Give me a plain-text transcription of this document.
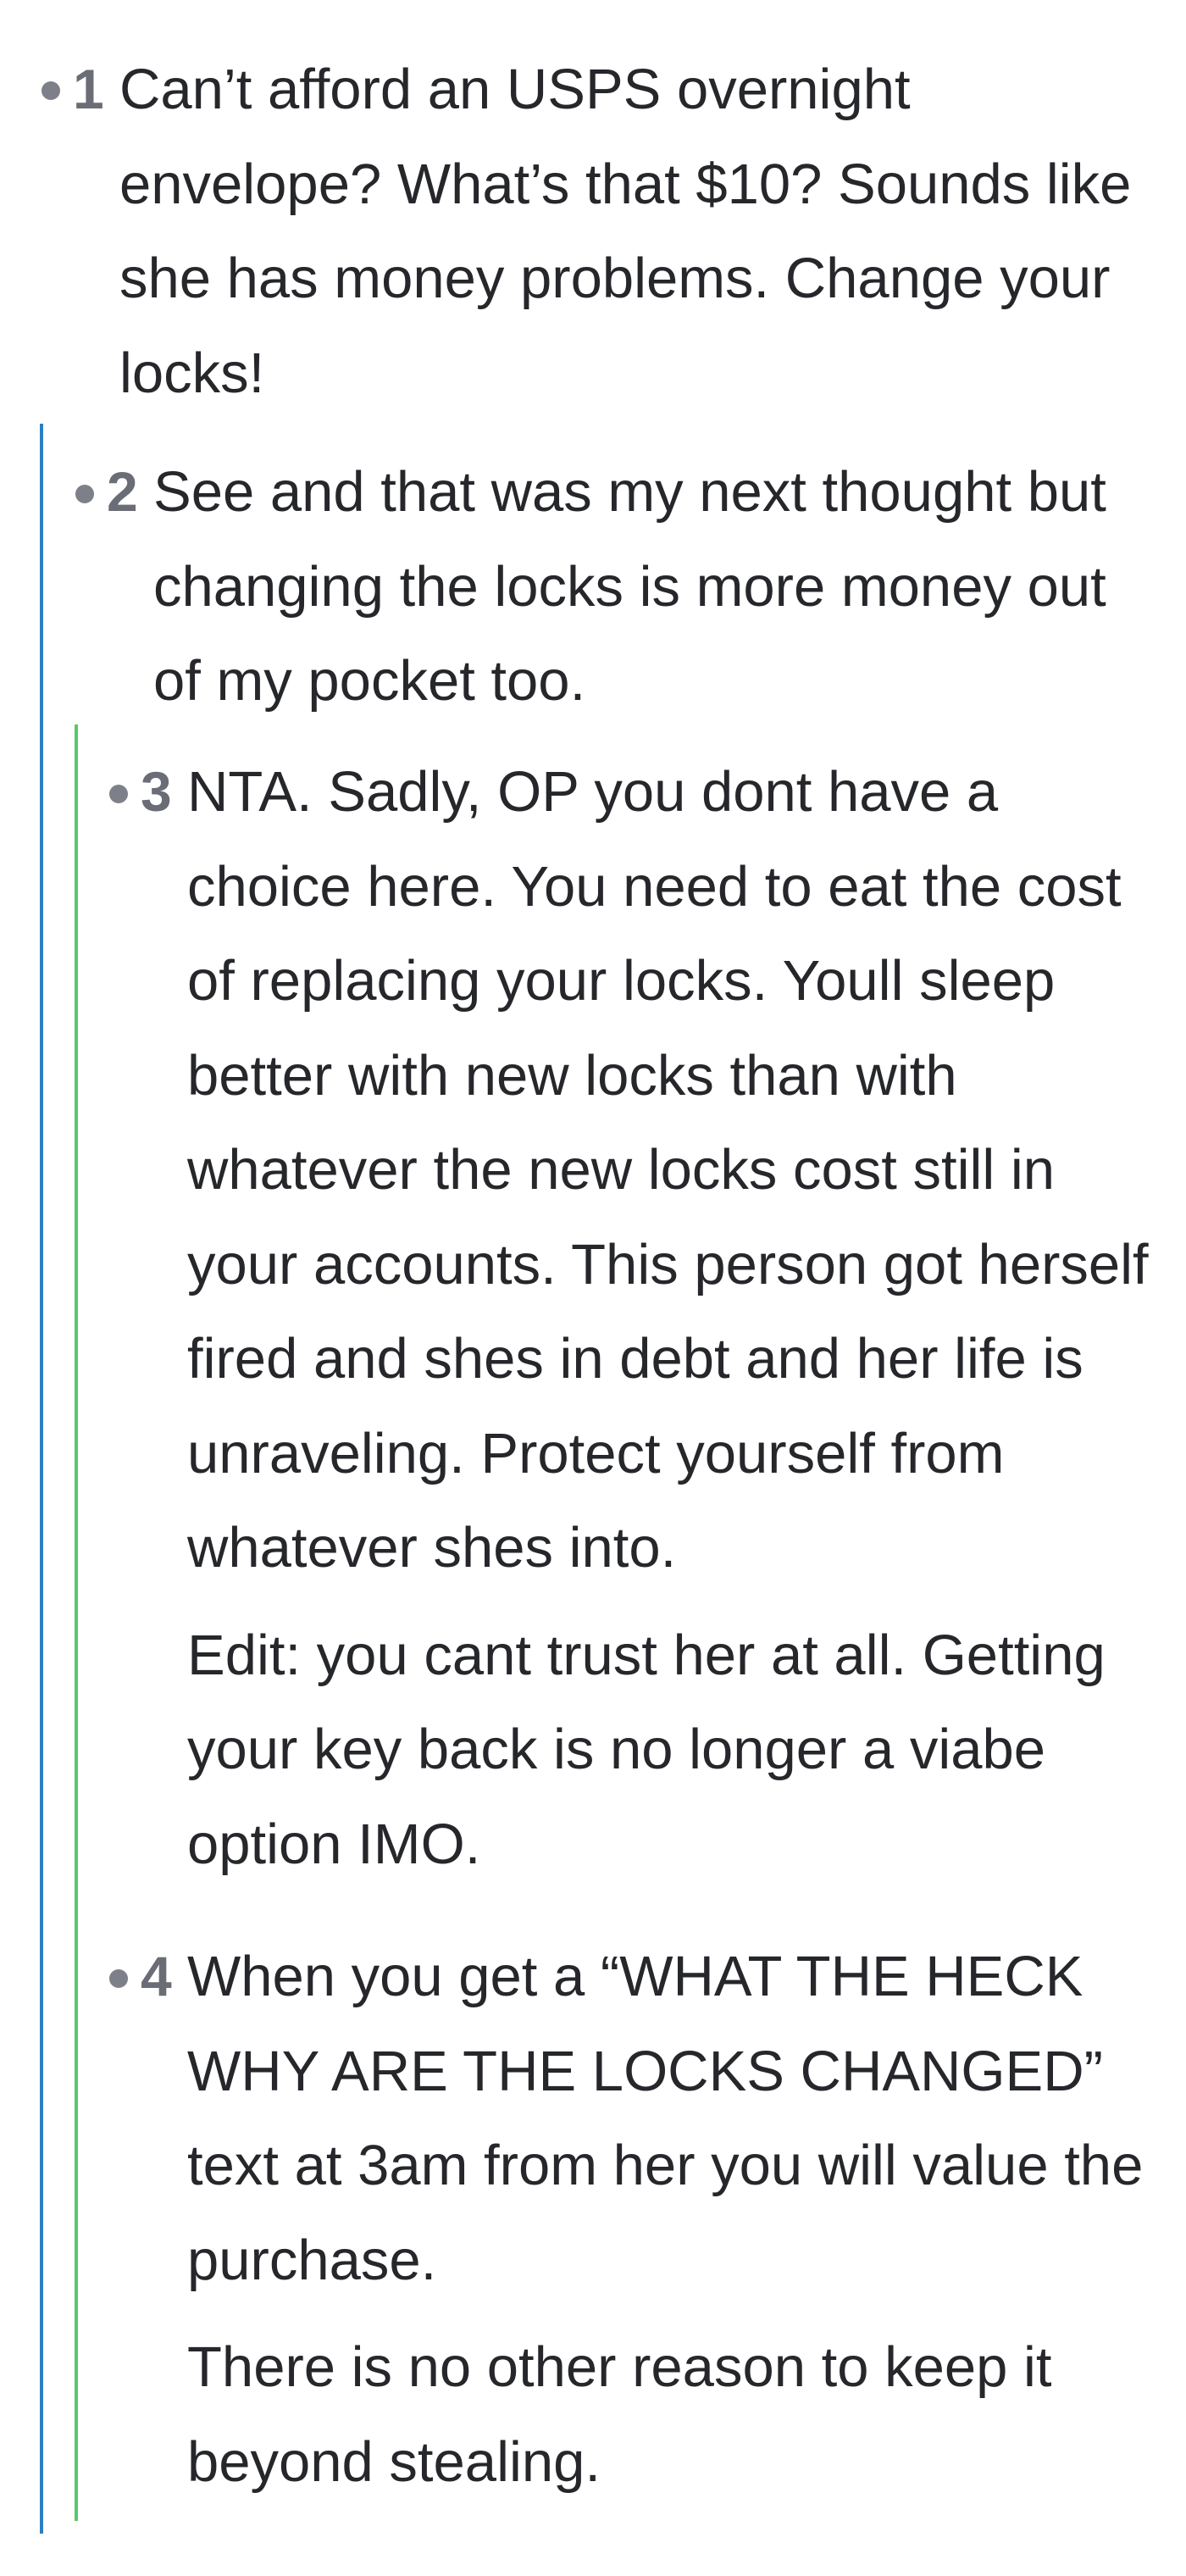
1 Can’t afford an USPS overnight envelope? What’s that $10? Sounds like she has money problems. Change your locks!

2 See and that was my next thought but changing the locks is more money out of my pocket too.

3 NTA. Sadly, OP you dont have a choice here. You need to eat the cost of replacing your locks. Youll sleep better with new locks than with whatever the new locks cost still in your accounts. This person got herself fired and shes in debt and her life is unraveling. Protect yourself from whatever shes into.

Edit: you cant trust her at all. Getting your key back is no longer a viabe option IMO.

4 When you get a “WHAT THE HECK WHY ARE THE LOCKS CHANGED” text at 3am from her you will value the purchase.

There is no other reason to keep it beyond stealing.
